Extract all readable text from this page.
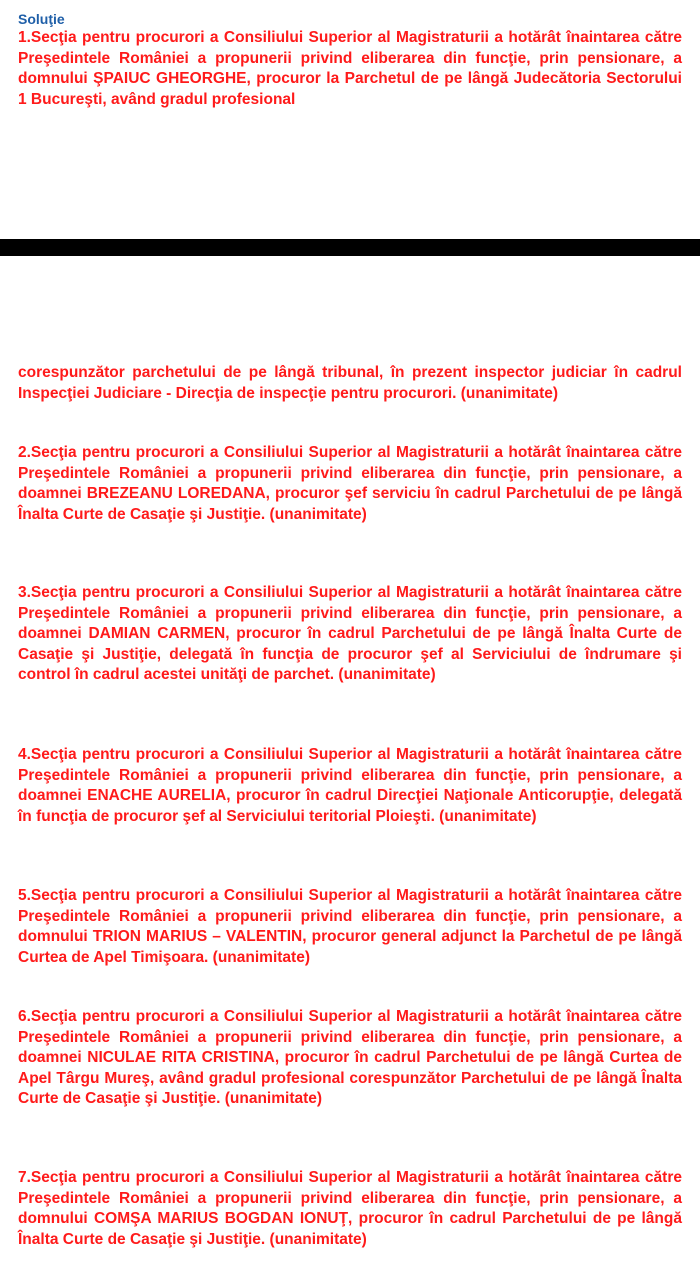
Soluţie
1.Secţia pentru procurori a Consiliului Superior al Magistraturii a hotărât înaintarea către Preşedintele României a propunerii privind eliberarea din funcţie, prin pensionare, a domnului ŞPAIUC GHEORGHE, procuror la Parchetul de pe lângă Judecătoria Sectorului 1 Bucureşti, având gradul profesional
corespunzător parchetului de pe lângă tribunal, în prezent inspector judiciar în cadrul Inspecţiei Judiciare - Direcţia de inspecţie pentru procurori. (unanimitate)
2.Secţia pentru procurori a Consiliului Superior al Magistraturii a hotărât înaintarea către Preşedintele României a propunerii privind eliberarea din funcţie, prin pensionare, a doamnei BREZEANU LOREDANA, procuror şef serviciu în cadrul Parchetului de pe lângă Înalta Curte de Casaţie şi Justiţie. (unanimitate)
3.Secţia pentru procurori a Consiliului Superior al Magistraturii a hotărât înaintarea către Preşedintele României a propunerii privind eliberarea din funcţie, prin pensionare, a doamnei DAMIAN CARMEN, procuror în cadrul Parchetului de pe lângă Înalta Curte de Casaţie şi Justiţie, delegată în funcţia de procuror şef al Serviciului de îndrumare şi control în cadrul acestei unităţi de parchet. (unanimitate)
4.Secţia pentru procurori a Consiliului Superior al Magistraturii a hotărât înaintarea către Preşedintele României a propunerii privind eliberarea din funcţie, prin pensionare, a doamnei ENACHE AURELIA, procuror în cadrul Direcţiei Naţionale Anticorupţie, delegată în funcţia de procuror şef al Serviciului teritorial Ploieşti. (unanimitate)
5.Secţia pentru procurori a Consiliului Superior al Magistraturii a hotărât înaintarea către Preşedintele României a propunerii privind eliberarea din funcţie, prin pensionare, a domnului TRION MARIUS – VALENTIN, procuror general adjunct la Parchetul de pe lângă Curtea de Apel Timişoara. (unanimitate)
6.Secţia pentru procurori a Consiliului Superior al Magistraturii a hotărât înaintarea către Preşedintele României a propunerii privind eliberarea din funcţie, prin pensionare, a doamnei NICULAE RITA CRISTINA, procuror în cadrul Parchetului de pe lângă Curtea de Apel Târgu Mureş, având gradul profesional corespunzător Parchetului de pe lângă Înalta Curte de Casaţie şi Justiţie. (unanimitate)
7.Secţia pentru procurori a Consiliului Superior al Magistraturii a hotărât înaintarea către Preşedintele României a propunerii privind eliberarea din funcţie, prin pensionare, a domnului COMŞA MARIUS BOGDAN IONUŢ, procuror în cadrul Parchetului de pe lângă Înalta Curte de Casaţie şi Justiţie. (unanimitate)
